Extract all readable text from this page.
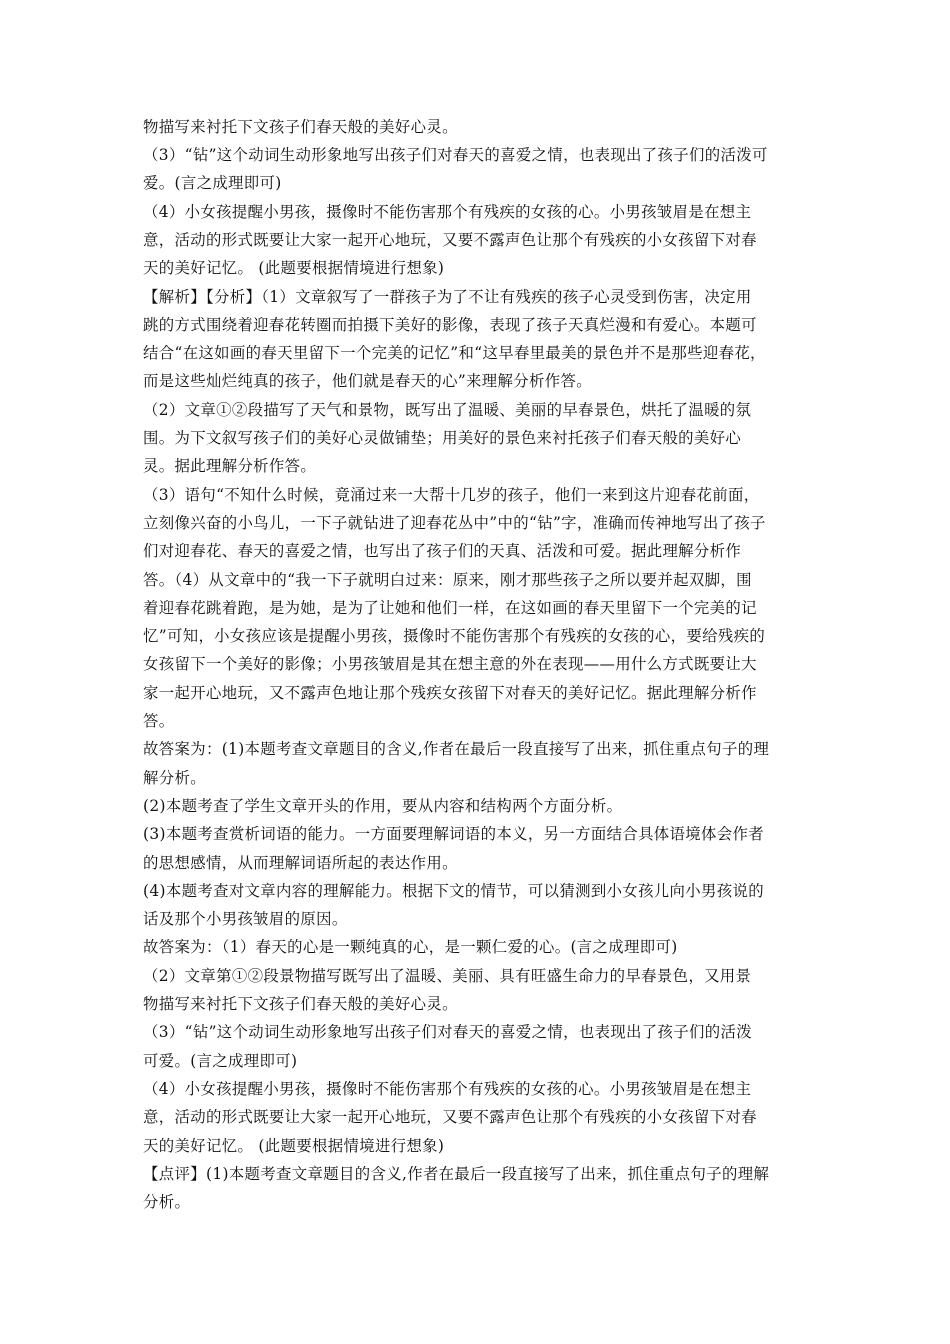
物描写来衬托下文孩子们春天般的美好心灵。
（3）“钻”这个动词生动形象地写出孩子们对春天的喜爱之情，也表现出了孩子们的活泼可
爱。(言之成理即可)
（4）小女孩提醒小男孩，摄像时不能伤害那个有残疾的女孩的心。小男孩皱眉是在想主
意，活动的形式既要让大家一起开心地玩，又要不露声色让那个有残疾的小女孩留下对春
天的美好记忆。 (此题要根据情境进行想象)
【解析】【分析】（1）文章叙写了一群孩子为了不让有残疾的孩子心灵受到伤害，决定用
跳的方式围绕着迎春花转圈而拍摄下美好的影像，表现了孩子天真烂漫和有爱心。本题可
结合“在这如画的春天里留下一个完美的记忆”和“这早春里最美的景色并不是那些迎春花，
而是这些灿烂纯真的孩子，他们就是春天的心”来理解分析作答。
（2）文章①②段描写了天气和景物，既写出了温暖、美丽的早春景色，烘托了温暖的氛
围。为下文叙写孩子们的美好心灵做铺垫；用美好的景色来衬托孩子们春天般的美好心
灵。据此理解分析作答。
（3）语句“不知什么时候，竟涌过来一大帮十几岁的孩子，他们一来到这片迎春花前面，
立刻像兴奋的小鸟儿，一下子就钻进了迎春花丛中”中的“钻”字，准确而传神地写出了孩子
们对迎春花、春天的喜爱之情，也写出了孩子们的天真、活泼和可爱。据此理解分析作
答。（4）从文章中的“我一下子就明白过来：原来，刚才那些孩子之所以要并起双脚，围
着迎春花跳着跑，是为她，是为了让她和他们一样，在这如画的春天里留下一个完美的记
忆”可知，小女孩应该是提醒小男孩，摄像时不能伤害那个有残疾的女孩的心，要给残疾的
女孩留下一个美好的影像；小男孩皱眉是其在想主意的外在表现——用什么方式既要让大
家一起开心地玩，又不露声色地让那个残疾女孩留下对春天的美好记忆。据此理解分析作
答。
故答案为：(1)本题考查文章题目的含义,作者在最后一段直接写了出来，抓住重点句子的理
解分析。
(2)本题考查了学生文章开头的作用，要从内容和结构两个方面分析。
(3)本题考查赏析词语的能力。一方面要理解词语的本义，另一方面结合具体语境体会作者
的思想感情，从而理解词语所起的表达作用。
(4)本题考查对文章内容的理解能力。根据下文的情节，可以猜测到小女孩儿向小男孩说的
话及那个小男孩皱眉的原因。
故答案为：（1）春天的心是一颗纯真的心，是一颗仁爱的心。(言之成理即可)
（2）文章第①②段景物描写既写出了温暖、美丽、具有旺盛生命力的早春景色，又用景
物描写来衬托下文孩子们春天般的美好心灵。
（3）“钻”这个动词生动形象地写出孩子们对春天的喜爱之情，也表现出了孩子们的活泼
可爱。(言之成理即可)
（4）小女孩提醒小男孩，摄像时不能伤害那个有残疾的女孩的心。小男孩皱眉是在想主
意，活动的形式既要让大家一起开心地玩，又要不露声色让那个有残疾的小女孩留下对春
天的美好记忆。 (此题要根据情境进行想象)
【点评】(1)本题考查文章题目的含义,作者在最后一段直接写了出来，抓住重点句子的理解
分析。
